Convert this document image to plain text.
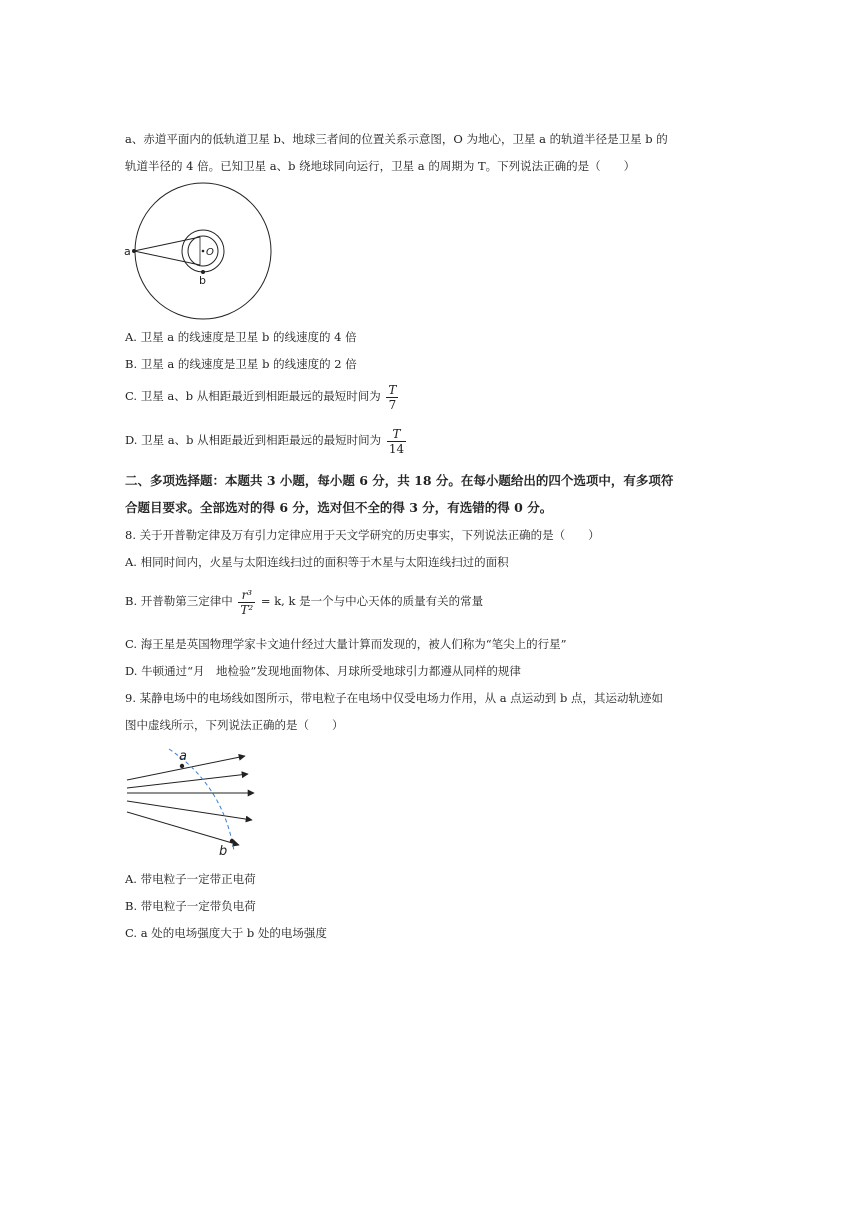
a、赤道平面内的低轨道卫星 b、地球三者间的位置关系示意图，O 为地心，卫星 a 的轨道半径是卫星 b 的
轨道半径的 4 倍。已知卫星 a、b 绕地球同向运行，卫星 a 的周期为 T。下列说法正确的是（　　）
a
b
O
A. 卫星 a 的线速度是卫星 b 的线速度的 4 倍
B. 卫星 a 的线速度是卫星 b 的线速度的 2 倍
C. 卫星 a、b 从相距最近到相距最远的最短时间为 $\frac{T}{7}$
D. 卫星 a、b 从相距最近到相距最远的最短时间为 $\frac{T}{14}$
二、多项选择题：本题共 3 小题，每小题 6 分，共 18 分。在每小题给出的四个选项中，有多项符
合题目要求。全部选对的得 6 分，选对但不全的得 3 分，有选错的得 0 分。
8. 关于开普勒定律及万有引力定律应用于天文学研究的历史事实，下列说法正确的是（　　）
A. 相同时间内，火星与太阳连线扫过的面积等于木星与太阳连线扫过的面积
B. 开普勒第三定律中 $\frac{\text{r³}}{\text{T²}} = k$, k 是一个与中心天体的质量有关的常量
C. 海王星是英国物理学家卡文迪什经过大量计算而发现的，被人们称为“笔尖上的行星”
D. 牛顿通过“月　地检验”发现地面物体、月球所受地球引力都遵从同样的规律
9. 某静电场中的电场线如图所示，带电粒子在电场中仅受电场力作用，从 a 点运动到 b 点，其运动轨迹如
图中虚线所示，下列说法正确的是（　　）
a
b
A. 带电粒子一定带正电荷
B. 带电粒子一定带负电荷
C. a 处的电场强度大于 b 处的电场强度
